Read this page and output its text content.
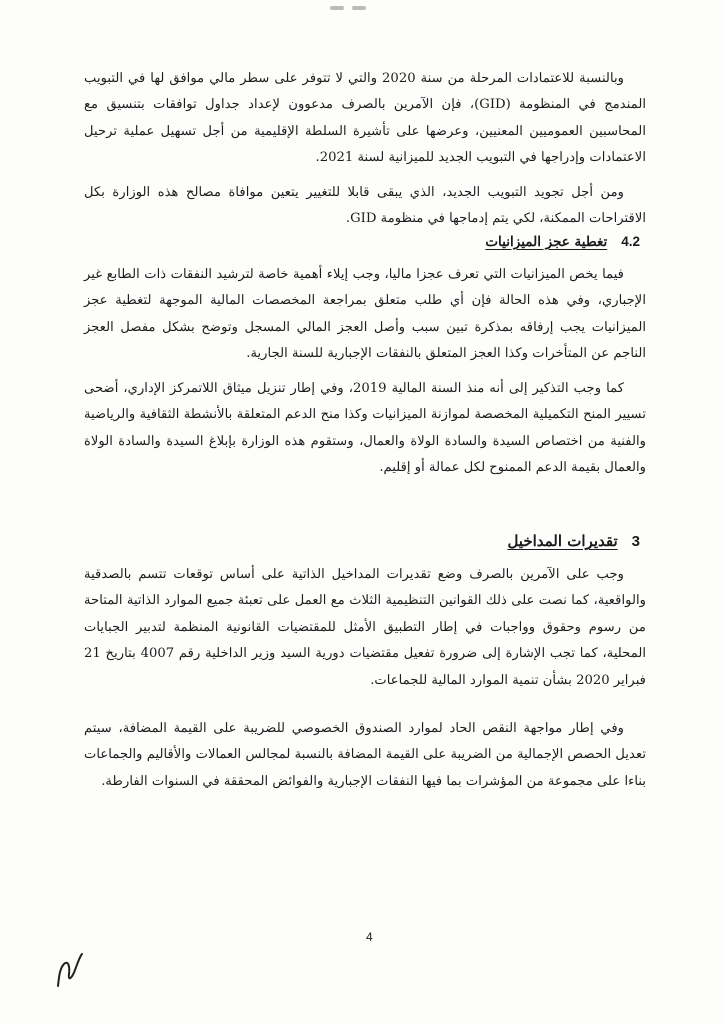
وبالنسبة للاعتمادات المرحلة من سنة 2020 والتي لا تتوفر على سطر مالي موافق لها في التبويب المندمج في المنظومة (GID)، فإن الآمرين بالصرف مدعوون لإعداد جداول توافقات بتنسيق مع المحاسبين العموميين المعنيين، وعرضها على تأشيرة السلطة الإقليمية من أجل تسهيل عملية ترحيل الاعتمادات وإدراجها في التبويب الجديد للميزانية لسنة 2021.

ومن أجل تجويد التبويب الجديد، الذي يبقى قابلا للتغيير يتعين موافاة مصالح هذه الوزارة بكل الاقتراحات الممكنة، لكي يتم إدماجها في منظومة GID.

4.2
تغطية عجز الميزانيات

فيما يخص الميزانيات التي تعرف عجزا ماليا، وجب إيلاء أهمية خاصة لترشيد النفقات ذات الطابع غير الإجباري، وفي هذه الحالة فإن أي طلب متعلق بمراجعة المخصصات المالية الموجهة لتغطية عجز الميزانيات يجب إرفاقه بمذكرة تبين سبب وأصل العجز المالي المسجل وتوضح بشكل مفصل العجز الناجم عن المتأخرات وكذا العجز المتعلق بالنفقات الإجبارية للسنة الجارية.

كما وجب التذكير إلى أنه منذ السنة المالية 2019، وفي إطار تنزيل ميثاق اللاتمركز الإداري، أضحى تسيير المنح التكميلية المخصصة لموازنة الميزانيات وكذا منح الدعم المتعلقة بالأنشطة الثقافية والرياضية والفنية من اختصاص السيدة والسادة الولاة والعمال، وستقوم هذه الوزارة بإبلاغ السيدة والسادة الولاة والعمال بقيمة الدعم الممنوح لكل عمالة أو إقليم.

3
تقديرات المداخيل

وجب على الآمرين بالصرف وضع تقديرات المداخيل الذاتية على أساس توقعات تتسم بالصدقية والواقعية، كما نصت على ذلك القوانين التنظيمية الثلاث مع العمل على تعبئة جميع الموارد الذاتية المتاحة من رسوم وحقوق وواجبات في إطار التطبيق الأمثل للمقتضيات القانونية المنظمة لتدبير الجبايات المحلية، كما تجب الإشارة إلى ضرورة تفعيل مقتضيات دورية السيد وزير الداخلية رقم 4007 بتاريخ 21 فبراير 2020 بشأن تنمية الموارد المالية للجماعات.

وفي إطار مواجهة النقص الحاد لموارد الصندوق الخصوصي للضريبة على القيمة المضافة، سيتم تعديل الحصص الإجمالية من الضريبة على القيمة المضافة بالنسبة لمجالس العمالات والأقاليم والجماعات بناءا على مجموعة من المؤشرات بما فيها النفقات الإجبارية والفوائض المحققة في السنوات الفارطة.

4
